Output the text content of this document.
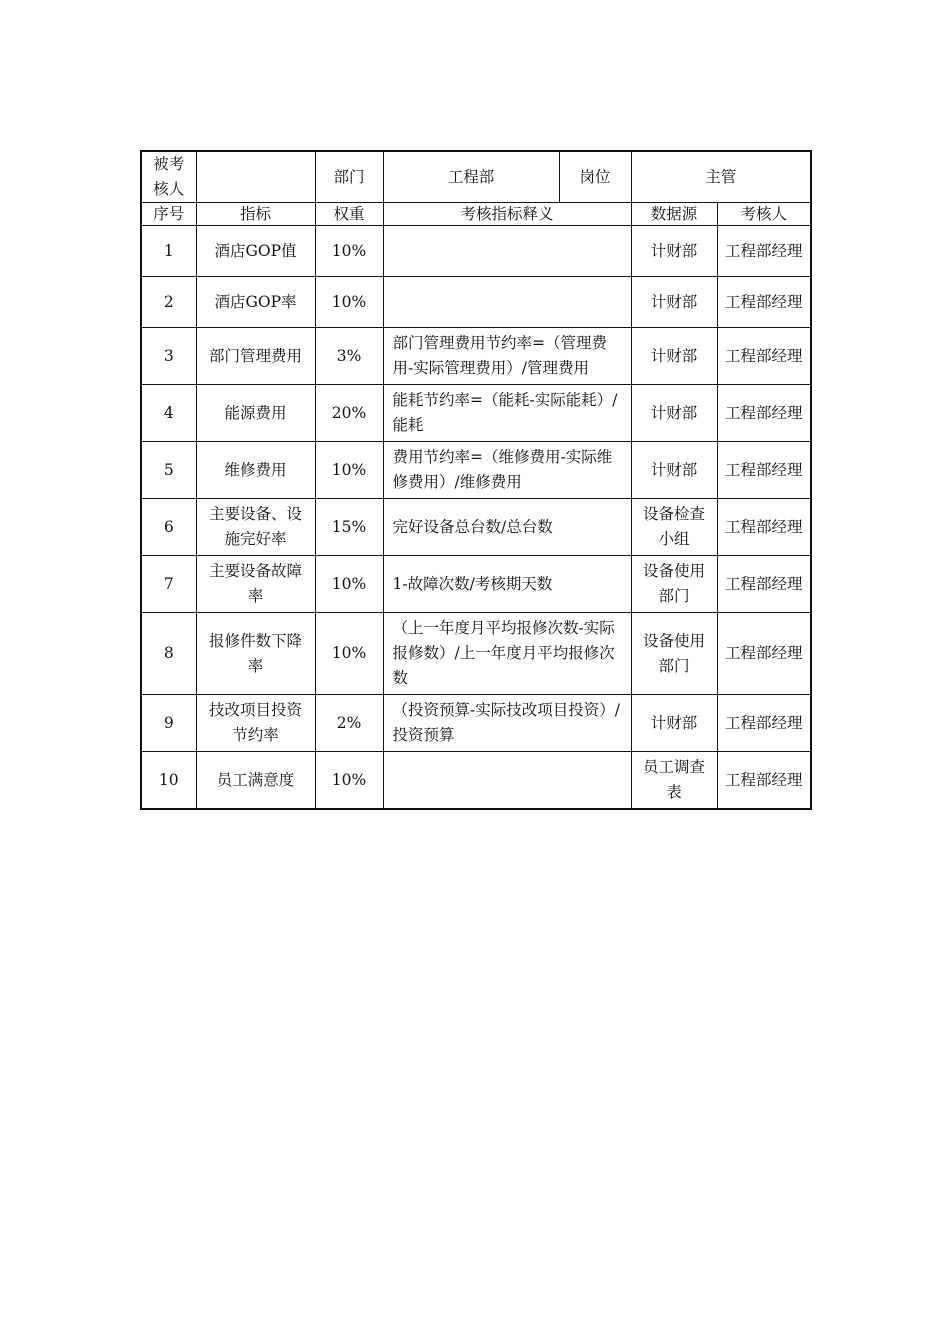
被考核人		部门	工程部	岗位	主管	
序号	指标	权重	考核指标释义		数据源	考核人
1	酒店GOP值	10%			计财部	工程部经理
2	酒店GOP率	10%			计财部	工程部经理
3	部门管理费用	3%	部门管理费用节约率=（管理费用-实际管理费用）/管理费用		计财部	工程部经理
4	能源费用	20%	能耗节约率=（能耗-实际能耗）/能耗		计财部	工程部经理
5	维修费用	10%	费用节约率=（维修费用-实际维修费用）/维修费用		计财部	工程部经理
6	主要设备、设施完好率	15%	完好设备总台数/总台数		设备检查小组	工程部经理
7	主要设备故障率	10%	1-故障次数/考核期天数		设备使用部门	工程部经理
8	报修件数下降率	10%	（上一年度月平均报修次数-实际报修数）/上一年度月平均报修次数		设备使用部门	工程部经理
9	技改项目投资节约率	2%	（投资预算-实际技改项目投资）/投资预算		计财部	工程部经理
10	员工满意度	10%			员工调查表	工程部经理
